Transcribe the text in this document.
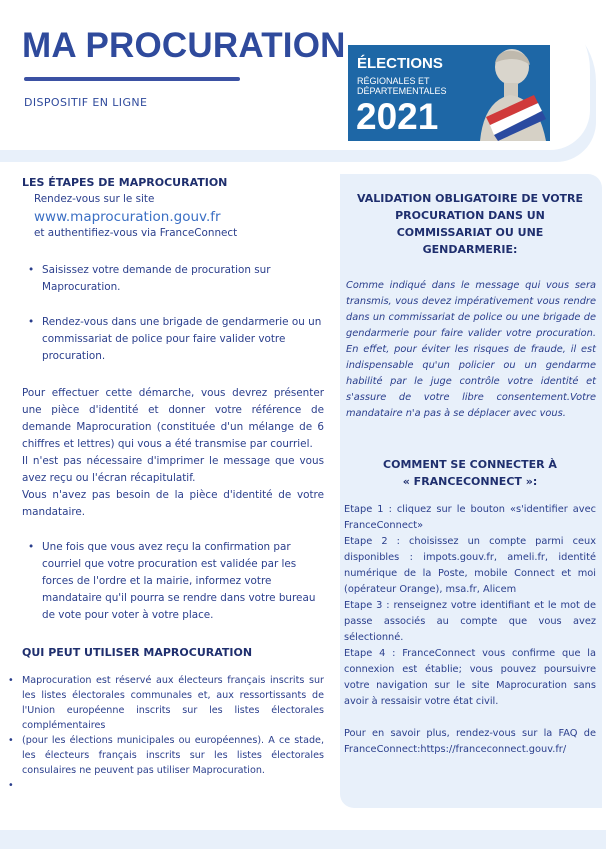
MA PROCURATION
DISPOSITIF EN LIGNE
ÉLECTIONS
RÉGIONALES ET
DÉPARTEMENTALES
2021
LES ÉTAPES DE MAPROCURATION

Rendez-vous sur le site

www.maprocuration.gouv.fr

et authentifiez-vous via FranceConnect

• Saisissez votre demande de procuration sur Maprocuration.
• Rendez-vous dans une brigade de gendarmerie ou un commissariat de police pour faire valider votre procuration.

Pour effectuer cette démarche, vous devrez présenter une pièce d'identité et donner votre référence de demande Maprocuration (constituée d'un mélange de 6 chiffres et lettres) qui vous a été transmise par courriel.

Il n'est pas nécessaire d'imprimer le message que vous avez reçu ou l'écran récapitulatif.

Vous n'avez pas besoin de la pièce d'identité de votre mandataire.

• Une fois que vous avez reçu la confirmation par courriel que votre procuration est validée par les forces de l'ordre et la mairie, informez votre mandataire qu'il pourra se rendre dans votre bureau de vote pour voter à votre place.
QUI PEUT UTILISER MAPROCURATION
• Maprocuration est réservé aux électeurs français inscrits sur les listes électorales communales et, aux ressortissants de l'Union européenne inscrits sur les listes électorales complémentaires
• (pour les élections municipales ou européennes). A ce stade, les électeurs français inscrits sur les listes électorales consulaires ne peuvent pas utiliser Maprocuration.
•

VALIDATION OBLIGATOIRE DE VOTRE PROCURATION DANS UN COMMISSARIAT OU UNE GENDARMERIE:

Comme indiqué dans le message qui vous sera transmis, vous devez impérativement vous rendre dans un commissariat de police ou une brigade de gendarmerie pour faire valider votre procuration. En effet, pour éviter les risques de fraude, il est indispensable qu'un policier ou un gendarme habilité par le juge contrôle votre identité et s'assure de votre libre consentement.Votre mandataire n'a pas à se déplacer avec vous.

COMMENT SE CONNECTER À

« FRANCECONNECT »:

Etape 1 : cliquez sur le bouton «s'identifier avec FranceConnect»

Etape 2 : choisissez un compte parmi ceux disponibles : impots.gouv.fr, ameli.fr, identité numérique de la Poste, mobile Connect et moi (opérateur Orange), msa.fr, Alicem

Etape 3 : renseignez votre identifiant et le mot de passe associés au compte que vous avez sélectionné.

Etape 4 : FranceConnect vous confirme que la connexion est établie; vous pouvez poursuivre votre navigation sur le site Maprocuration sans avoir à ressaisir votre état civil.

Pour en savoir plus, rendez-vous sur la FAQ de FranceConnect:https://franceconnect.gouv.fr/
